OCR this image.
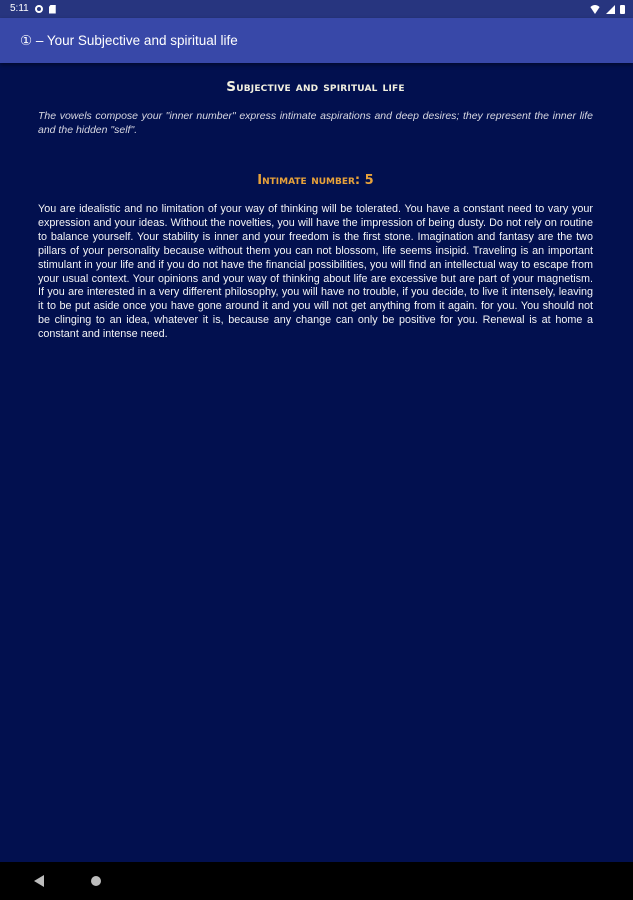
5:11
① – Your Subjective and spiritual life
Subjective and spiritual life
The vowels compose your "inner number" express intimate aspirations and deep desires; they represent the inner life and the hidden "self".
Intimate number: 5
You are idealistic and no limitation of your way of thinking will be tolerated. You have a constant need to vary your expression and your ideas. Without the novelties, you will have the impression of being dusty. Do not rely on routine to balance yourself. Your stability is inner and your freedom is the first stone. Imagination and fantasy are the two pillars of your personality because without them you can not blossom, life seems insipid. Traveling is an important stimulant in your life and if you do not have the financial possibilities, you will find an intellectual way to escape from your usual context. Your opinions and your way of thinking about life are excessive but are part of your magnetism. If you are interested in a very different philosophy, you will have no trouble, if you decide, to live it intensely, leaving it to be put aside once you have gone around it and you will not get anything from it again. for you. You should not be clinging to an idea, whatever it is, because any change can only be positive for you. Renewal is at home a constant and intense need.
